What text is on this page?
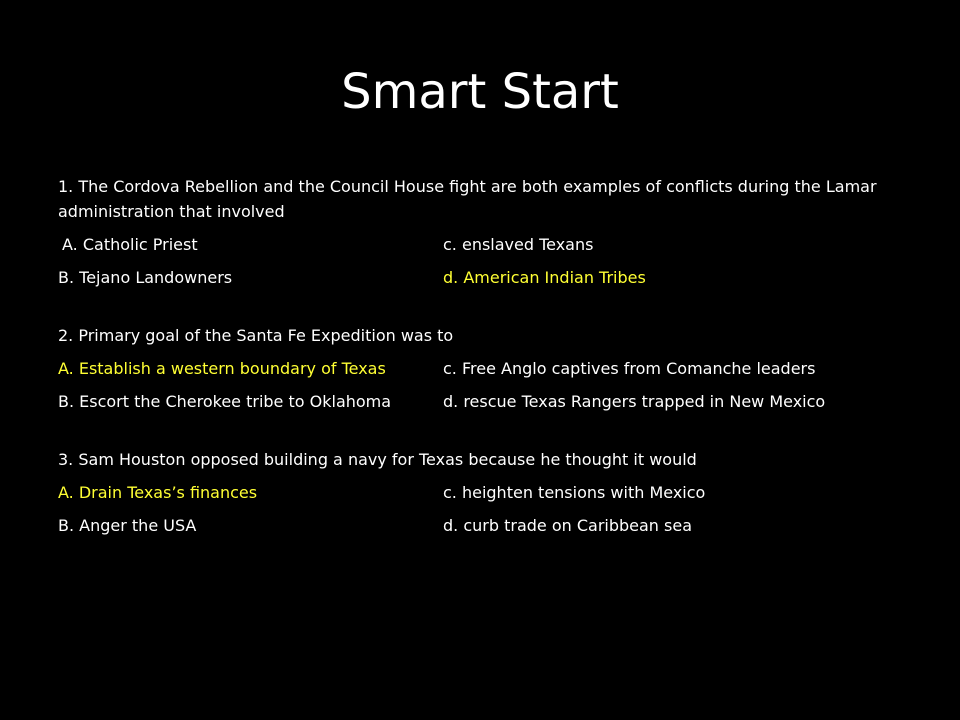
Smart Start

1. The Cordova Rebellion and the Council House fight are both examples of conflicts during the Lamar administration that involved

A. Catholic Priest	c. enslaved Texans
B. Tejano Landowners	d. American Indian Tribes
2. Primary goal of the Santa Fe Expedition was to
A. Establish a western boundary of Texas	c. Free Anglo captives from Comanche leaders
B. Escort the Cherokee tribe to Oklahoma	d. rescue Texas Rangers trapped in New Mexico
3. Sam Houston opposed building a navy for Texas because he thought it would
A. Drain Texas’s finances	c. heighten tensions with Mexico
B. Anger the USA	d. curb trade on Caribbean sea
